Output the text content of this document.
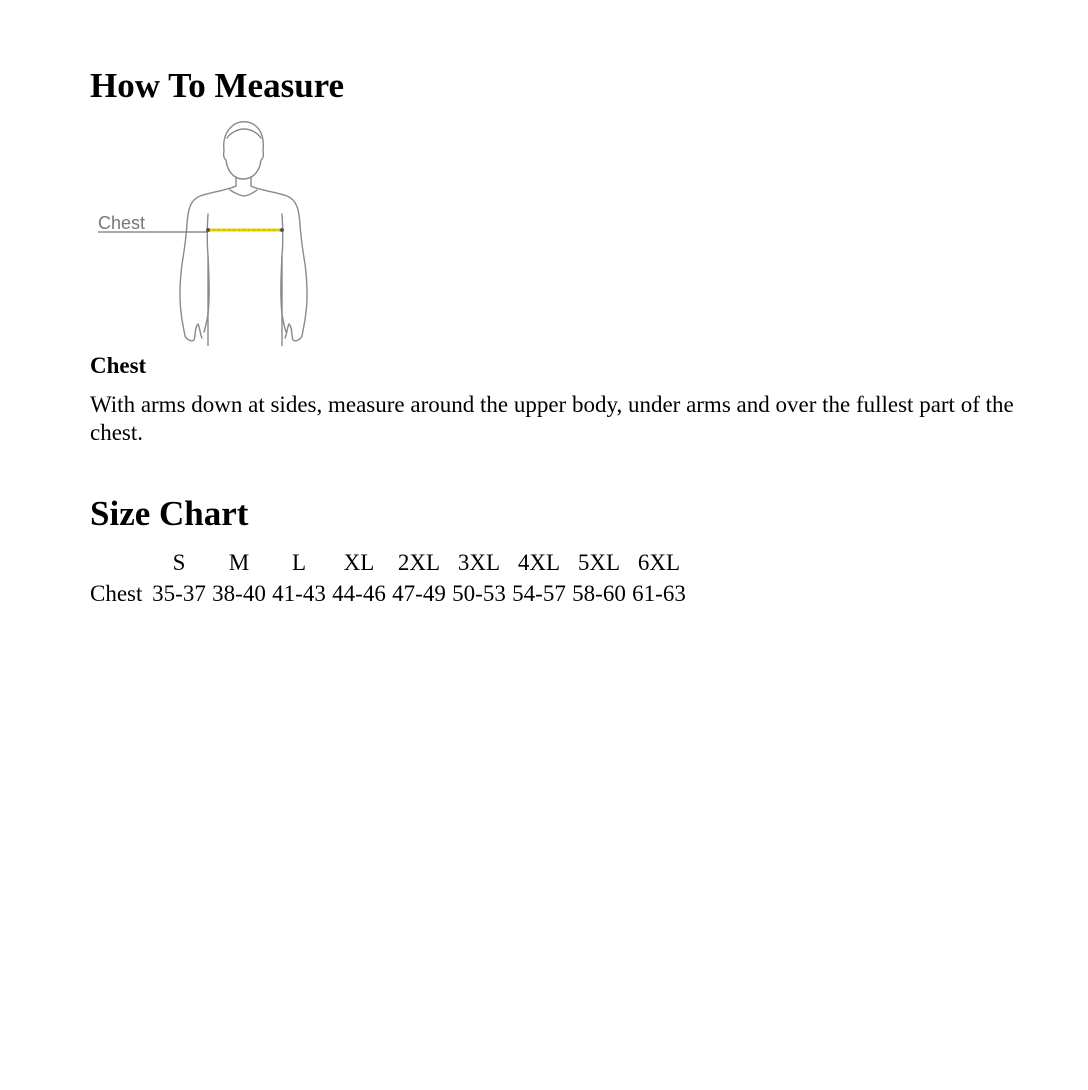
How To Measure
Chest
Chest

With arms down at sides, measure around the upper body, under arms and over the fullest part of the chest.

Size Chart
	S	M	L	XL	2XL	3XL	4XL	5XL	6XL
Chest	35-37	38-40	41-43	44-46	47-49	50-53	54-57	58-60	61-63
